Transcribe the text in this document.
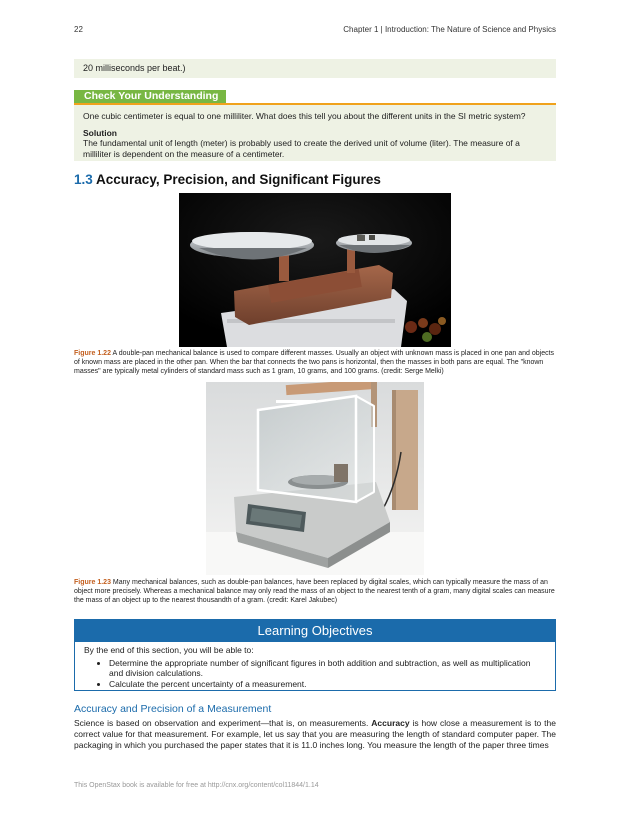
22	Chapter 1 | Introduction: The Nature of Science and Physics
20 milliseconds per beat.)
Check Your Understanding

One cubic centimeter is equal to one milliliter. What does this tell you about the different units in the SI metric system?

Solution

The fundamental unit of length (meter) is probably used to create the derived unit of volume (liter). The measure of a milliliter is dependent on the measure of a centimeter.

1.3 Accuracy, Precision, and Significant Figures
Figure 1.22 A double-pan mechanical balance is used to compare different masses. Usually an object with unknown mass is placed in one pan and objects of known mass are placed in the other pan. When the bar that connects the two pans is horizontal, then the masses in both pans are equal. The "known masses" are typically metal cylinders of standard mass such as 1 gram, 10 grams, and 100 grams. (credit: Serge Melki)
Figure 1.23 Many mechanical balances, such as double-pan balances, have been replaced by digital scales, which can typically measure the mass of an object more precisely. Whereas a mechanical balance may only read the mass of an object to the nearest tenth of a gram, many digital scales can measure the mass of an object up to the nearest thousandth of a gram. (credit: Karel Jakubec)
Learning Objectives

By the end of this section, you will be able to:

• Determine the appropriate number of significant figures in both addition and subtraction, as well as multiplication and division calculations.
• Calculate the percent uncertainty of a measurement.
Accuracy and Precision of a Measurement
Science is based on observation and experiment—that is, on measurements. Accuracy is how close a measurement is to the correct value for that measurement. For example, let us say that you are measuring the length of standard computer paper. The packaging in which you purchased the paper states that it is 11.0 inches long. You measure the length of the paper three times
This OpenStax book is available for free at http://cnx.org/content/col11844/1.14
